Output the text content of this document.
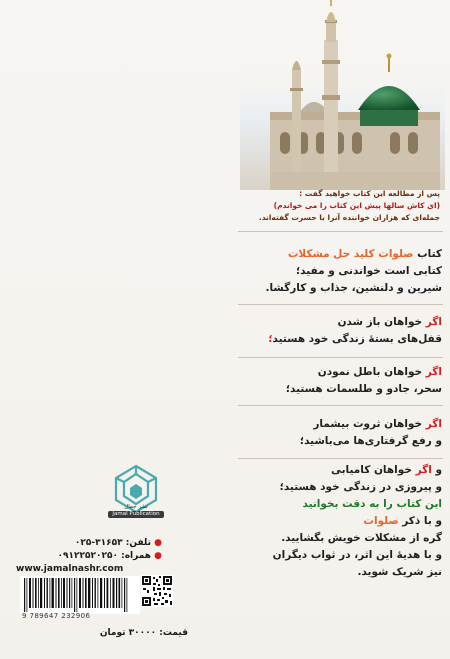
پس از مطالعه این کتاب خواهید گفت :
(ای کاش سالها پیش این کتاب را می خواندم)
جمله‌ای که هزاران خواننده آنرا با حسرت گفته‌اند.
کتاب صلوات کلید حل مشکلات
کتابی است خواندنی و مفید؛
شیرین و دلنشین، جذاب و کارگشا.
اگر خواهان باز شدن
قفل‌های بستهٔ زندگی خود هستید؛
اگر خواهان باطل نمودن
سحر، جادو و طلسمات هستید؛
اگر خواهان ثروت بیشمار
و رفع گرفتاری‌ها می‌باشید؛
و اگر خواهان کامیابی
و پیروزی در زندگی خود هستید؛
این کتاب را به دقت بخوانید
و با ذکر صلوات
گره از مشکلات خویش بگشایید.
و با هدیهٔ این اثر، در ثواب دیگران
نیز شریک شوید.
نشر جمال
Jamal Publication
● تلفن: ۳۱۶۵۳-۰۲۵
● همراه: ۰۹۱۲۲۵۲۰۲۵۰
www.jamalnashr.com
9 789647 232906
قیمت: ۳۰۰۰۰ تومان
